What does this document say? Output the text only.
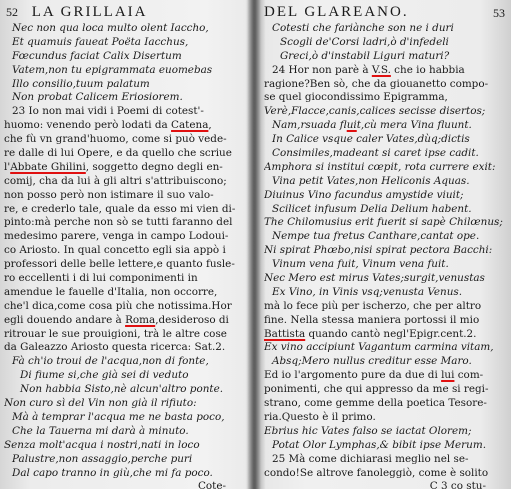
52 LA GRILLAIA
Nec non qua loca multo olent Iaccho,
Et quamuis faueat Poëta Iacchus,
Fœcundus faciat Calix Disertum
Vatem,non tu epigrammata euomebas
Illo consilio,tuum palatum
Non probat Calicem Eriosiorem.
23 Io non mai vidi i Poemi di cotest'-
huomo: venendo però lodati da Catena,
che fù vn grand'huomo, come si può vede-
re dalle di lui Opere, e da quello che scriue
l'Abbate Ghilini, soggetto degno degli en-
comij, cha da lui à gli altri s'attribuiscono;
non posso però non istimare il suo valo-
re, e crederlo tale, quale da esso mi vien di-
pinto:mà perche non sò se tutti faranno del
medesimo parere, venga in campo Lodoui-
co Ariosto. In qual concetto egli sia appò i
professori delle belle lettere,e quanto fusle-
ro eccellenti i di lui componimenti in
amendue le fauelle d'Italia, non occorre,
che'l dica,come cosa più che notissima.Hor
egli douendo andare à Roma,desideroso di
ritrouar le sue prouigioni, trà le altre cose
da Galeazzo Ariosto questa ricerca: Sat.2.
Fà ch'io troui de l'acqua,non di fonte,
Di fiume si,che già sei di veduto
Non habbia Sisto,nè alcun'altro ponte.
Non curo sì del Vin non già il rifiuto:
Mà à temprar l'acqua me ne basta poco,
Che la Tauerna mi darà à minuto.
Senza molt'acqua i nostri,nati in loco
Palustre,non assaggio,perche puri
Dal capo tranno in giù,che mi fa poco.
Cote-
DEL GLAREANO.	53
Cotesti che fariànche son ne i duri
Scogli de'Corsi ladri,ò d'infedeli
Greci,ò d'instabil Liguri maturi?
24 Hor non parè à V.S. che io habbia
ragione?Ben sò, che da giouanetto compo-
se quel giocondissimo Epigramma,
Verè,Flacce,canis,calices secisse disertos;
Nam,rsuada fluit,cù mera Vina fluunt.
In Calice vsque caler Vates,dùq;dictis
Consimiles,madeant si caret ipse cadit.
Amphora si institui cœpit, rota currere exit:
Vina petit Vates,non Heliconis Aquas.
Diuinus Vino facundus amystide viuit;
Scilicet infusum Delia Delium habent.
The Chilomusius erit fuerit si sapè Chilœnus;
Nempe tua fretus Canthare,cantat ope.
Ni spirat Phœbo,nisi spirat pectora Bacchi:
Vinum vena fuit, Vinum vena fuit.
Nec Mero est mirus Vates;surgit,venustas
Ex Vino, in Vinis vsq;venusta Venus.
mà lo fece più per ischerzo, che per altro
fine. Nella stessa maniera portossi il mio
Battista quando cantò negl'Epigr.cent.2.
Ex vino accipiunt Vagantum carmina vitam,
Absq;Mero nullus creditur esse Maro.
Ed io l'argomento pure da due di lui com-
ponimenti, che qui appresso da me si regi-
strano, come gemme della poetica Tesore-
ria.Questo è il primo.
Ebrius hic Vates falso se iactat Olorem;
Potat Olor Lymphas,& bibit ipse Merum.
25 Mà come dichiarasi meglio nel se-
condo!Se altrove fanoleggiò, come è solito
C 3 co stu-
